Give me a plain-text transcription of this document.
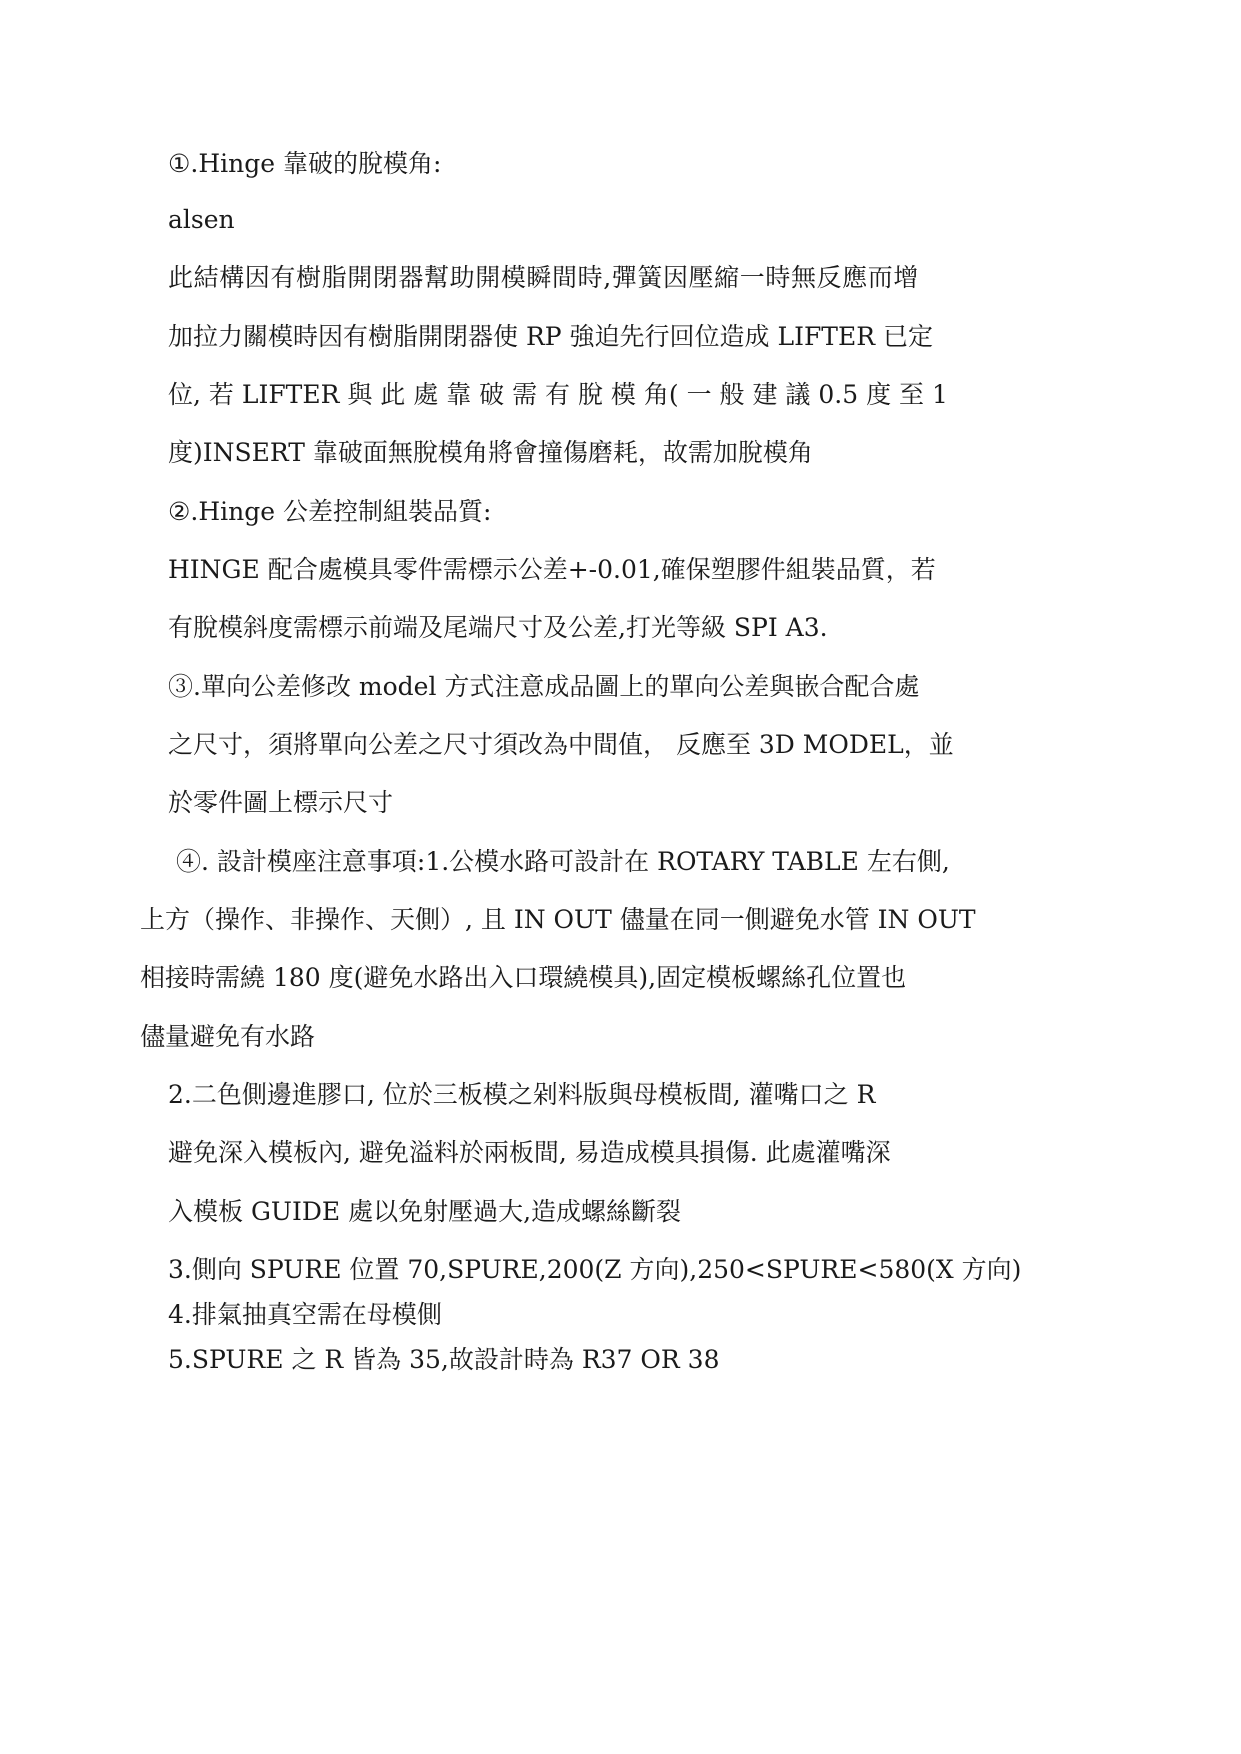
①.Hinge 靠破的脫模角:

alsen

此結構因有樹脂開閉器幫助開模瞬間時,彈簧因壓縮一時無反應而增

加拉力關模時因有樹脂開閉器使 RP 強迫先行回位造成 LIFTER 已定

位, 若 LIFTER 與 此 處 靠 破 需 有 脫 模 角( 一 般 建 議 0.5 度 至 1

度)INSERT 靠破面無脫模角將會撞傷磨耗，故需加脫模角

②.Hinge 公差控制組裝品質:

HINGE 配合處模具零件需標示公差+-0.01,確保塑膠件組裝品質，若

有脫模斜度需標示前端及尾端尺寸及公差,打光等級 SPI A3.

③.單向公差修改 model 方式注意成品圖上的單向公差與嵌合配合處

之尺寸，須將單向公差之尺寸須改為中間值， 反應至 3D MODEL，並

於零件圖上標示尺寸

④. 設計模座注意事項:1.公模水路可設計在 ROTARY TABLE 左右側,

上方（操作、非操作、天側）, 且 IN OUT 儘量在同一側避免水管 IN OUT

相接時需繞 180 度(避免水路出入口環繞模具),固定模板螺絲孔位置也

儘量避免有水路

2.二色側邊進膠口, 位於三板模之剁料版與母模板間, 灌嘴口之 R

避免深入模板內, 避免溢料於兩板間, 易造成模具損傷. 此處灌嘴深

入模板 GUIDE 處以免射壓過大,造成螺絲斷裂

3.側向 SPURE 位置 70,SPURE,200(Z 方向),250<SPURE<580(X 方向)

4.排氣抽真空需在母模側

5.SPURE 之 R 皆為 35,故設計時為 R37 OR 38
